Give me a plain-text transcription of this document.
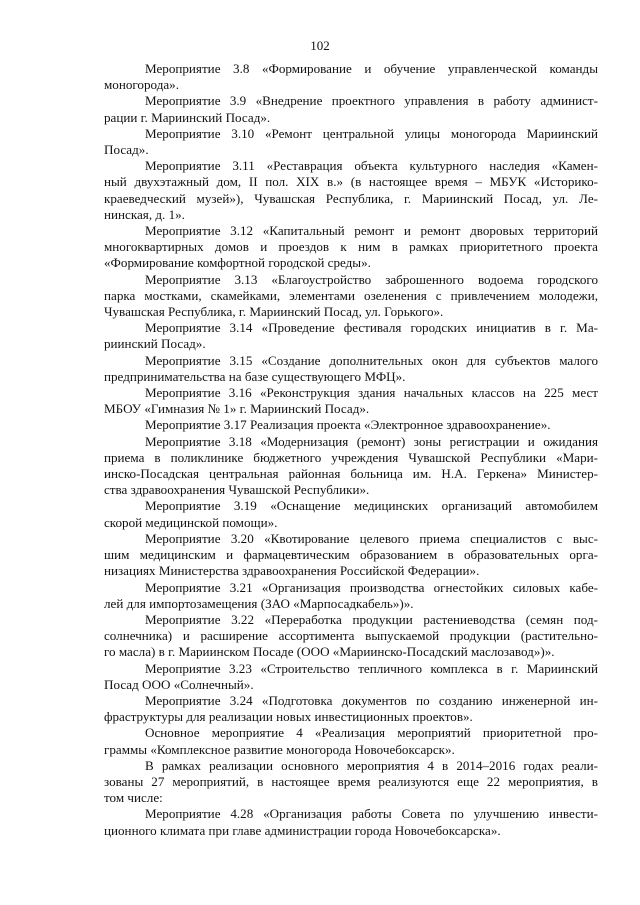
102

Мероприятие 3.8 «Формирование и обучение управленческой команды
моногорода».

Мероприятие 3.9 «Внедрение проектного управления в работу админист-
рации г. Мариинский Посад».

Мероприятие 3.10 «Ремонт центральной улицы моногорода Мариинский
Посад».

Мероприятие 3.11 «Реставрация объекта культурного наследия «Камен-
ный двухэтажный дом, II пол. XIX в.» (в настоящее время – МБУК «Историко-
краеведческий музей»), Чувашская Республика, г. Мариинский Посад, ул. Ле-
нинская, д. 1».

Мероприятие 3.12 «Капитальный ремонт и ремонт дворовых территорий
многоквартирных домов и проездов к ним в рамках приоритетного проекта
«Формирование комфортной городской среды».

Мероприятие 3.13 «Благоустройство заброшенного водоема городского
парка мостками, скамейками, элементами озеленения с привлечением молодежи,
Чувашская Республика, г. Мариинский Посад, ул. Горького».

Мероприятие 3.14 «Проведение фестиваля городских инициатив в г. Ма-
риинский Посад».

Мероприятие 3.15 «Создание дополнительных окон для субъектов малого
предпринимательства на базе существующего МФЦ».

Мероприятие 3.16 «Реконструкция здания начальных классов на 225 мест
МБОУ «Гимназия № 1» г. Мариинский Посад».

Мероприятие 3.17 Реализация проекта «Электронное здравоохранение».

Мероприятие 3.18 «Модернизация (ремонт) зоны регистрации и ожидания
приема в поликлинике бюджетного учреждения Чувашской Республики «Мари-
инско-Посадская центральная районная больница им. Н.А. Геркена» Министер-
ства здравоохранения Чувашской Республики».

Мероприятие 3.19 «Оснащение медицинских организаций автомобилем
скорой медицинской помощи».

Мероприятие 3.20 «Квотирование целевого приема специалистов с выс-
шим медицинским и фармацевтическим образованием в образовательных орга-
низациях Министерства здравоохранения Российской Федерации».

Мероприятие 3.21 «Организация производства огнестойких силовых кабе-
лей для импортозамещения (ЗАО «Марпосадкабель»)».

Мероприятие 3.22 «Переработка продукции растениеводства (семян под-
солнечника) и расширение ассортимента выпускаемой продукции (растительно-
го масла) в г. Мариинском Посаде (ООО «Мариинско-Посадский маслозавод»)».

Мероприятие 3.23 «Строительство тепличного комплекса в г. Мариинский
Посад ООО «Солнечный».

Мероприятие 3.24 «Подготовка документов по созданию инженерной ин-
фраструктуры для реализации новых инвестиционных проектов».

Основное мероприятие 4 «Реализация мероприятий приоритетной про-
граммы «Комплексное развитие моногорода Новочебоксарск».

В рамках реализации основного мероприятия 4 в 2014–2016 годах реали-
зованы 27 мероприятий, в настоящее время реализуются еще 22 мероприятия, в
том числе:

Мероприятие 4.28 «Организация работы Совета по улучшению инвести-
ционного климата при главе администрации города Новочебоксарска».
